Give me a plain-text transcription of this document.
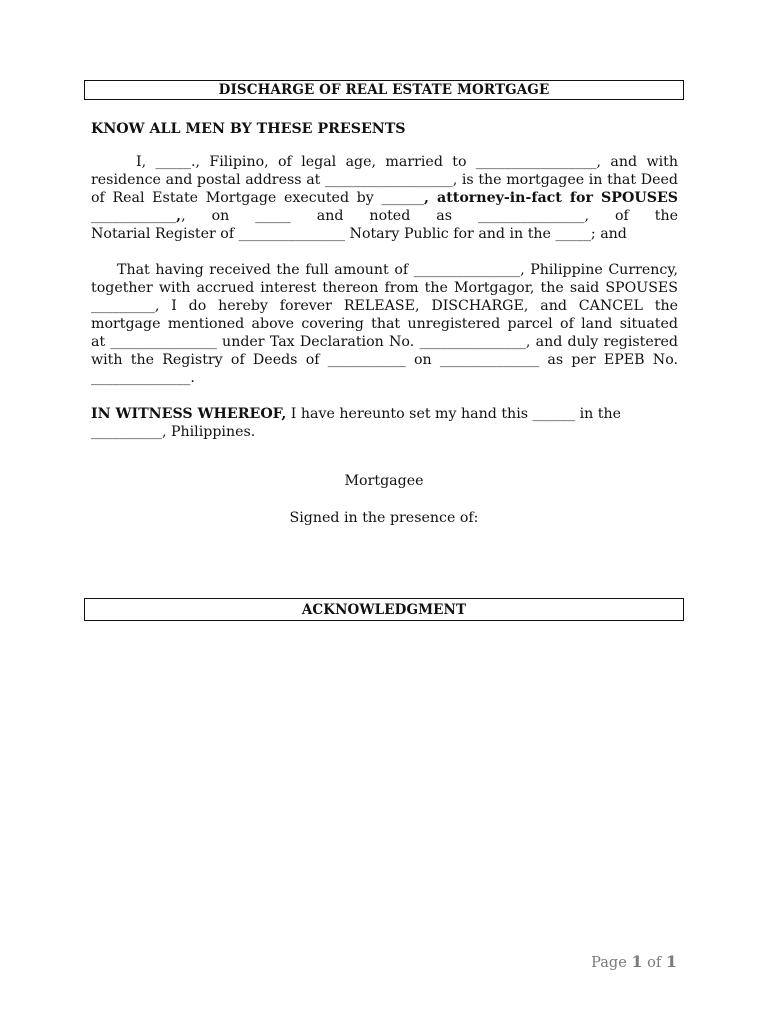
DISCHARGE OF REAL ESTATE MORTGAGE
KNOW ALL MEN BY THESE PRESENTS
I, _____., Filipino, of legal age, married to _________________, and with
residence and postal address at __________________, is the mortgagee in that Deed
of Real Estate Mortgage executed by ______, attorney-in-fact for SPOUSES
____________,, on _____ and noted as _______________, of the
Notarial Register of _______________ Notary Public for and in the _____; and
That having received the full amount of _______________, Philippine Currency,
together with accrued interest thereon from the Mortgagor, the said SPOUSES
_________, I do hereby forever RELEASE, DISCHARGE, and CANCEL the
mortgage mentioned above covering that unregistered parcel of land situated
at _______________ under Tax Declaration No. _______________, and duly registered
with the Registry of Deeds of ___________ on ______________ as per EPEB No.
______________.
IN WITNESS WHEREOF, I have hereunto set my hand this ______ in the
__________, Philippines.
Mortgagee
Signed in the presence of:
ACKNOWLEDGMENT
Page 1 of 1
